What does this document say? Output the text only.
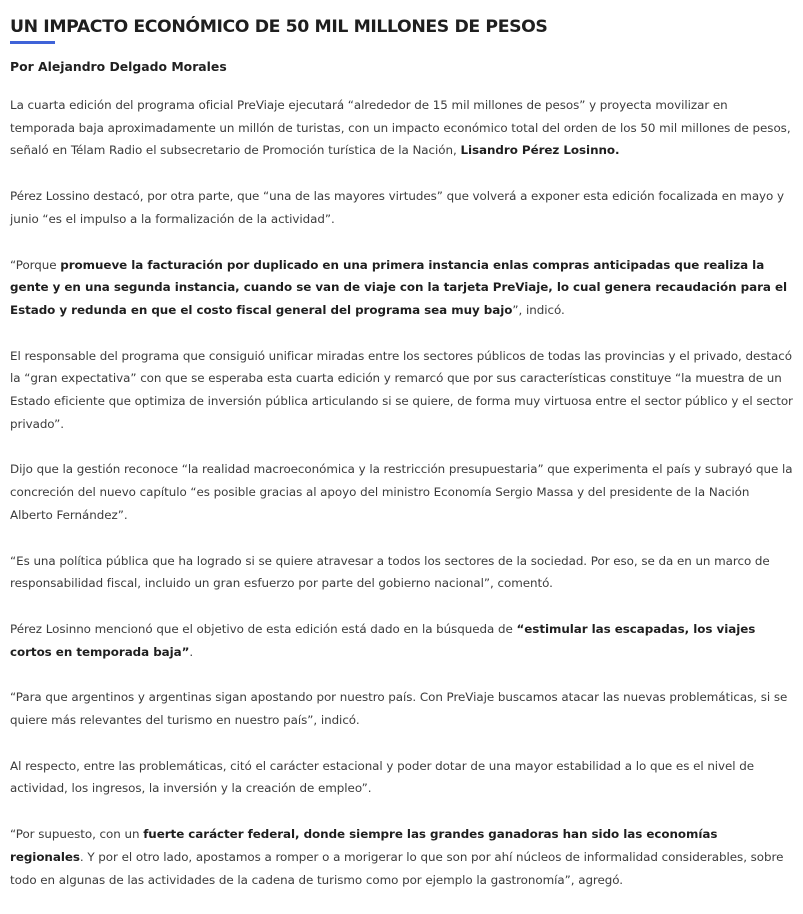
UN IMPACTO ECONÓMICO DE 50 MIL MILLONES DE PESOS
Por Alejandro Delgado Morales

La cuarta edición del programa oficial PreViaje ejecutará “alrededor de 15 mil millones de pesos” y proyecta movilizar en temporada baja aproximadamente un millón de turistas, con un impacto económico total del orden de los 50 mil millones de pesos, señaló en Télam Radio el subsecretario de Promoción turística de la Nación, Lisandro Pérez Losinno.

Pérez Lossino destacó, por otra parte, que “una de las mayores virtudes” que volverá a exponer esta edición focalizada en mayo y junio “es el impulso a la formalización de la actividad”.

“Porque promueve la facturación por duplicado en una primera instancia enlas compras anticipadas que realiza la gente y en una segunda instancia, cuando se van de viaje con la tarjeta PreViaje, lo cual genera recaudación para el Estado y redunda en que el costo fiscal general del programa sea muy bajo”, indicó.

El responsable del programa que consiguió unificar miradas entre los sectores públicos de todas las provincias y el privado, destacó la “gran expectativa” con que se esperaba esta cuarta edición y remarcó que por sus características constituye “la muestra de un Estado eficiente que optimiza de inversión pública articulando si se quiere, de forma muy virtuosa entre el sector público y el sector privado”.

Dijo que la gestión reconoce “la realidad macroeconómica y la restricción presupuestaria” que experimenta el país y subrayó que la concreción del nuevo capítulo “es posible gracias al apoyo del ministro Economía Sergio Massa y del presidente de la Nación Alberto Fernández”.

“Es una política pública que ha logrado si se quiere atravesar a todos los sectores de la sociedad. Por eso, se da en un marco de responsabilidad fiscal, incluido un gran esfuerzo por parte del gobierno nacional”, comentó.

Pérez Losinno mencionó que el objetivo de esta edición está dado en la búsqueda de “estimular las escapadas, los viajes cortos en temporada baja”.

“Para que argentinos y argentinas sigan apostando por nuestro país. Con PreViaje buscamos atacar las nuevas problemáticas, si se quiere más relevantes del turismo en nuestro país”, indicó.

Al respecto, entre las problemáticas, citó el carácter estacional y poder dotar de una mayor estabilidad a lo que es el nivel de actividad, los ingresos, la inversión y la creación de empleo”.

“Por supuesto, con un fuerte carácter federal, donde siempre las grandes ganadoras han sido las economías regionales. Y por el otro lado, apostamos a romper o a morigerar lo que son por ahí núcleos de informalidad considerables, sobre todo en algunas de las actividades de la cadena de turismo como por ejemplo la gastronomía”, agregó.
